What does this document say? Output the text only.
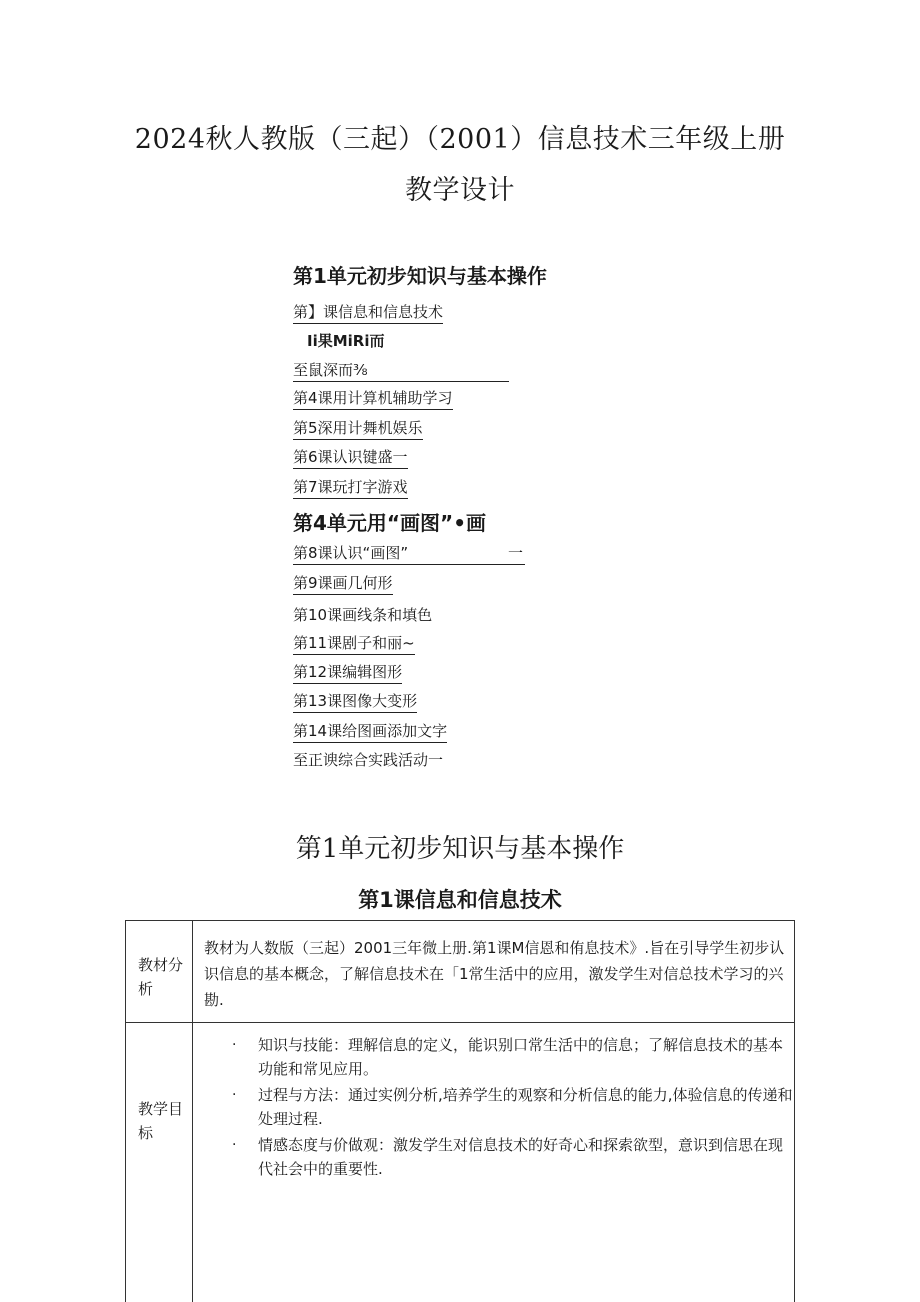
2024秋人教版（三起）（2001）信息技术三年级上册
教学设计
第1单元初步知识与基本操作
第】课信息和信息技术
Ii果MiRi而
至鼠深而⅜
第4课用计算机辅助学习
第5深用计舞机娱乐
第6课认识键盛一
第7课玩打字游戏
第4单元用“画图”•画
第8课认识“画图”	一
第9课画几何形
第10课画线条和填色
第11课剧子和丽~
第12课编辑图形
第13课图像大变形
第14课给图画添加文字
至正谀综合实践活动一
第1单元初步知识与基本操作
第1课信息和信息技术
教材分析
教材为人数版（三起）2001三年微上册.第1课M信恩和侑息技术》.旨在引导学生初步认识信息的基本概念，了解信息技术在「1常生活中的应用，激发学生对信总技术学习的兴勘.
教学目标
· 知识与技能：理解信息的定义，能识别口常生活中的信息；了解信息技术的基本功能和常见应用。
· 过程与方法：通过实例分析,培养学生的观察和分析信息的能力,体验信息的传递和处理过程.
· 情感态度与价做观：激发学生对信息技术的好奇心和探索欲型，意识到信思在现代社会中的重要性.
